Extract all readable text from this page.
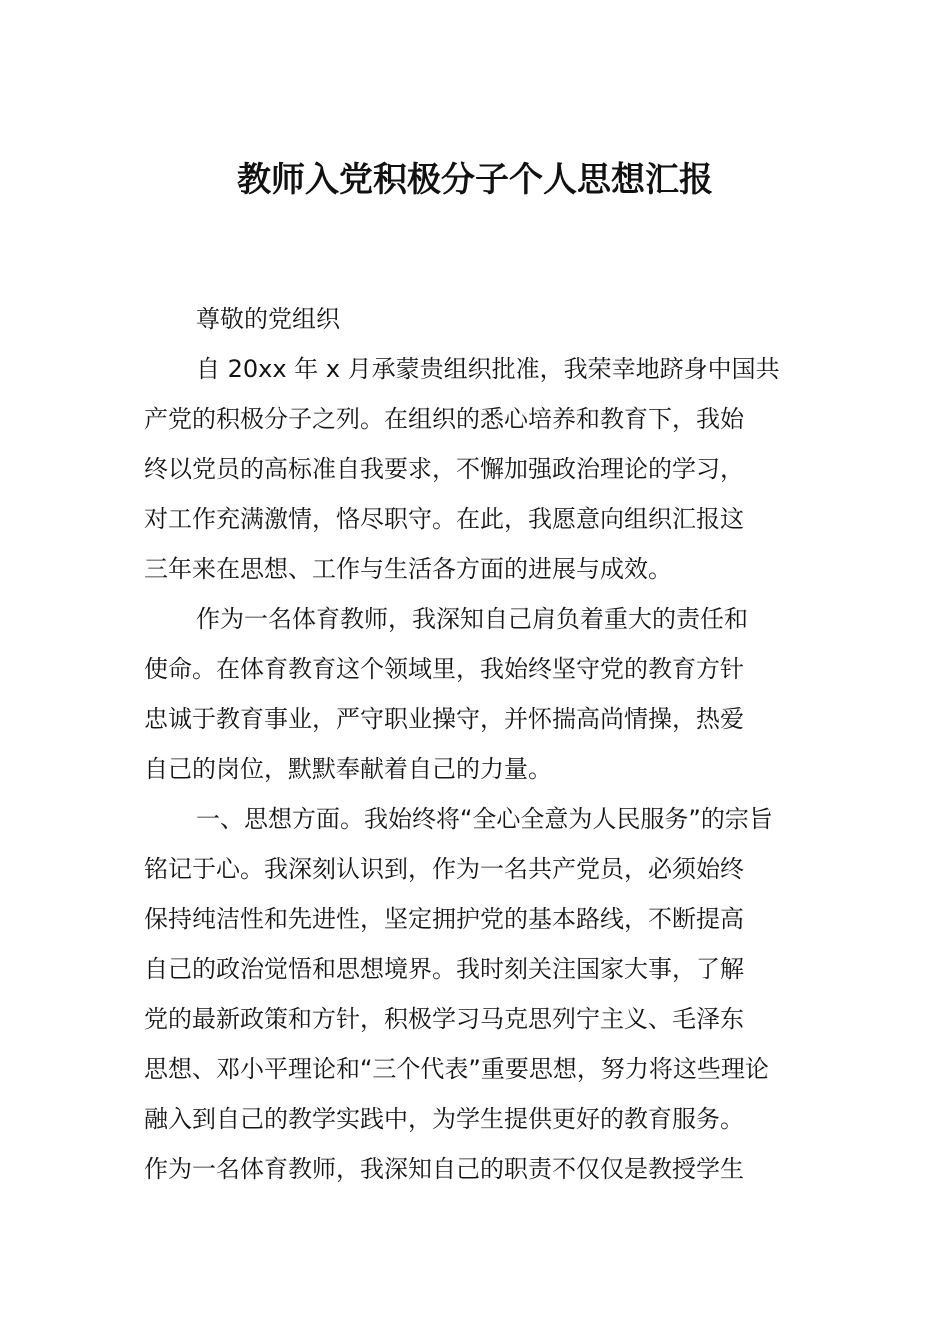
教师入党积极分子个人思想汇报
尊敬的党组织
自 20xx 年 x 月承蒙贵组织批准，我荣幸地跻身中国共
产党的积极分子之列。在组织的悉心培养和教育下，我始
终以党员的高标准自我要求，不懈加强政治理论的学习，
对工作充满激情，恪尽职守。在此，我愿意向组织汇报这
三年来在思想、工作与生活各方面的进展与成效。
作为一名体育教师，我深知自己肩负着重大的责任和
使命。在体育教育这个领域里，我始终坚守党的教育方针
忠诚于教育事业，严守职业操守，并怀揣高尚情操，热爱
自己的岗位，默默奉献着自己的力量。
一、思想方面。我始终将“全心全意为人民服务”的宗旨
铭记于心。我深刻认识到，作为一名共产党员，必须始终
保持纯洁性和先进性，坚定拥护党的基本路线，不断提高
自己的政治觉悟和思想境界。我时刻关注国家大事，了解
党的最新政策和方针，积极学习马克思列宁主义、毛泽东
思想、邓小平理论和“三个代表”重要思想，努力将这些理论
融入到自己的教学实践中，为学生提供更好的教育服务。
作为一名体育教师，我深知自己的职责不仅仅是教授学生
